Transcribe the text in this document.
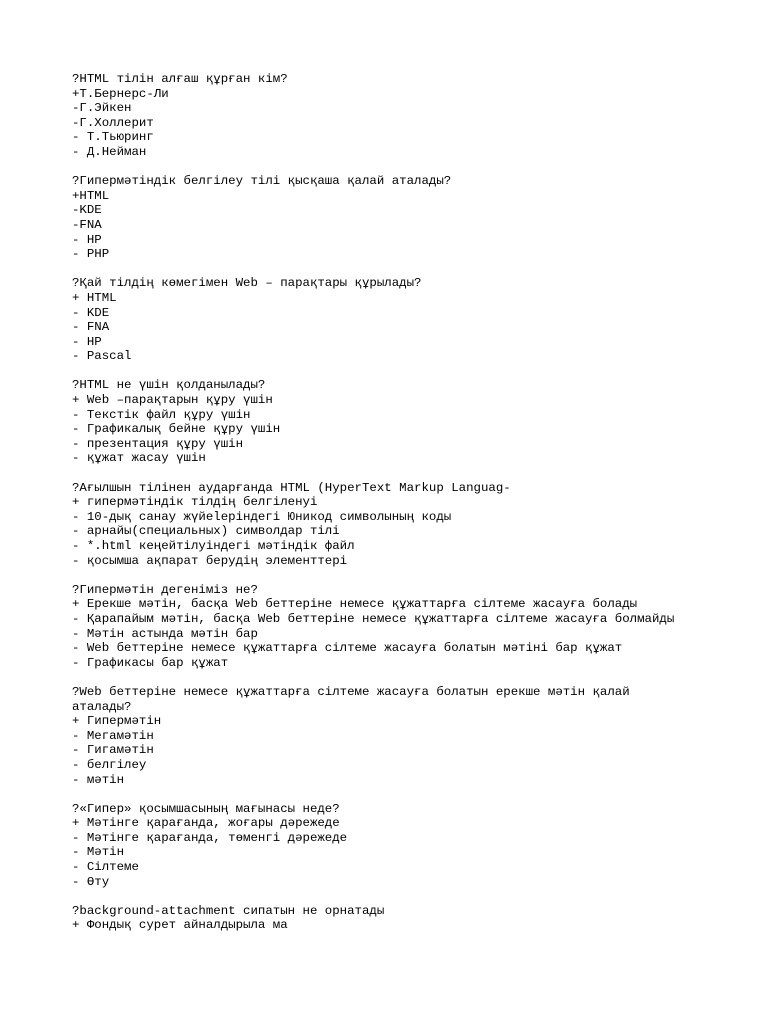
?HTML тілін алғаш құрған кім?
+Т.Бернерс-Ли
-Г.Эйкен
-Г.Холлерит
- Т.Тьюринг
- Д.Нейман
?Гипермәтіндік белгілеу тілі қысқаша қалай аталады?
+HTML
-KDE
-FNA
- HP
- PHP
?Қай тілдің көмегімен Web – парақтары құрылады?
+ HTML
- KDE
- FNA
- HP
- Pascal
?HTML не үшін қолданылады?
+ Web –парақтарын құру үшін
- Текстік файл құру үшін
- Графикалық бейне құру үшін
- презентация құру үшін
- құжат жасау үшін
?Ағылшын тілінен аударғанда HTML (HyperText Markup Languag-
+ гипермәтіндік тілдің белгіленуі
- 10-дық санау жүйеleріндегі Юникод символының коды
- арнайы(специальных) символдар тілі
- *.html кеңейтілуіндегі мәтіндік файл
- қосымша ақпарат берудің элементтері
?Гипермәтін дегеніміз не?
+ Ерекше мәтін, басқа Web беттеріне немесе құжаттарға сілтеме жасауға болады
- Қарапайым мәтін, басқа Web беттеріне немесе құжаттарға сілтеме жасауға болмайды
- Мәтін астында мәтін бар
- Web беттеріне немесе құжаттарға сілтеме жасауға болатын мәтіні бар құжат
- Графикасы бар құжат
?Web беттеріне немесе құжаттарға сілтеме жасауға болатын ерекше мәтін қалай
аталады?
+ Гипермәтін
- Мегамәтін
- Гигамәтін
- белгілеу
- мәтін
?«Гипер» қосымшасының мағынасы неде?
+ Мәтінге қарағанда, жоғары дәрежеде
- Мәтінге қарағанда, төменгі дәрежеде
- Мәтін
- Сілтеме
- Өту
?background-attachment сипатын не орнатады
+ Фондық сурет айналдырыла ма
